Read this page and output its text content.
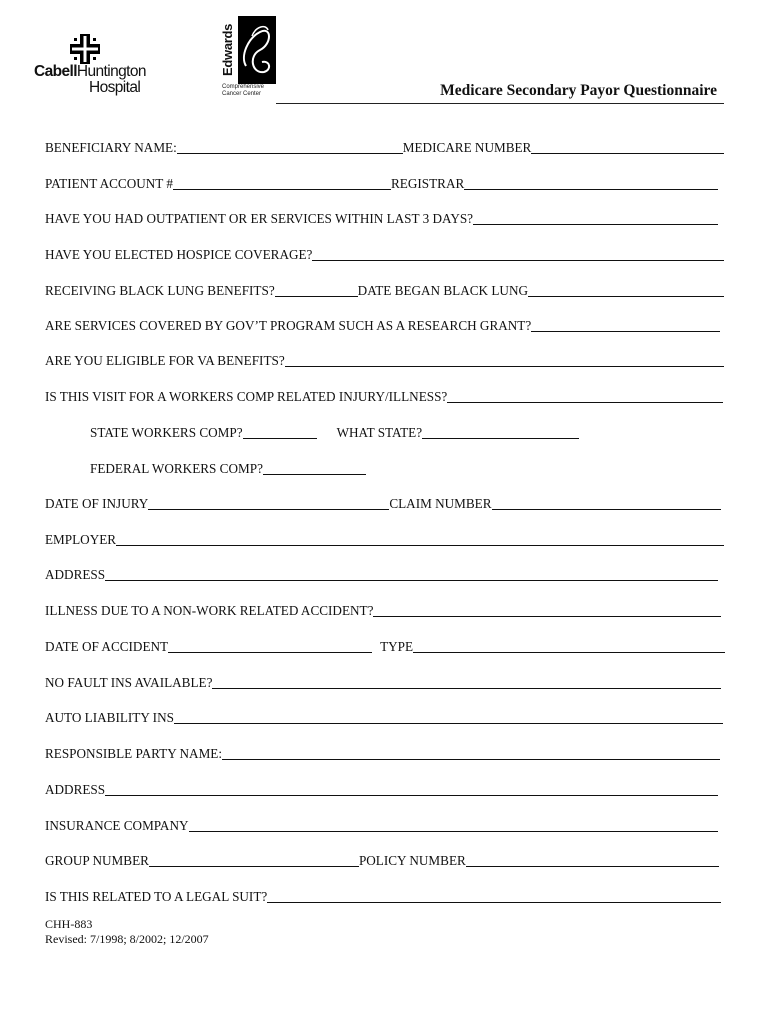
CabellHuntington
Hospital
Edwards
Comprehensive
Cancer Center	Medicare Secondary Payor Questionnaire
BENEFICIARY NAME:	MEDICARE NUMBER
PATIENT ACCOUNT #	REGISTRAR
HAVE YOU HAD OUTPATIENT OR ER SERVICES WITHIN LAST 3 DAYS?
HAVE YOU ELECTED HOSPICE COVERAGE?
RECEIVING BLACK LUNG BENEFITS?	DATE BEGAN BLACK LUNG
ARE SERVICES COVERED BY GOV’T PROGRAM SUCH AS A RESEARCH GRANT?
ARE YOU ELIGIBLE FOR VA BENEFITS?
IS THIS VISIT FOR A WORKERS COMP RELATED INJURY/ILLNESS?
STATE WORKERS COMP?	WHAT STATE?
FEDERAL WORKERS COMP?
DATE OF INJURY	CLAIM NUMBER
EMPLOYER
ADDRESS
ILLNESS DUE TO A NON-WORK RELATED ACCIDENT?
DATE OF ACCIDENT	TYPE
NO FAULT INS AVAILABLE?
AUTO LIABILITY INS
RESPONSIBLE PARTY NAME:
ADDRESS
INSURANCE COMPANY
GROUP NUMBER	POLICY NUMBER
IS THIS RELATED TO A LEGAL SUIT?
CHH-883
Revised: 7/1998; 8/2002; 12/2007
